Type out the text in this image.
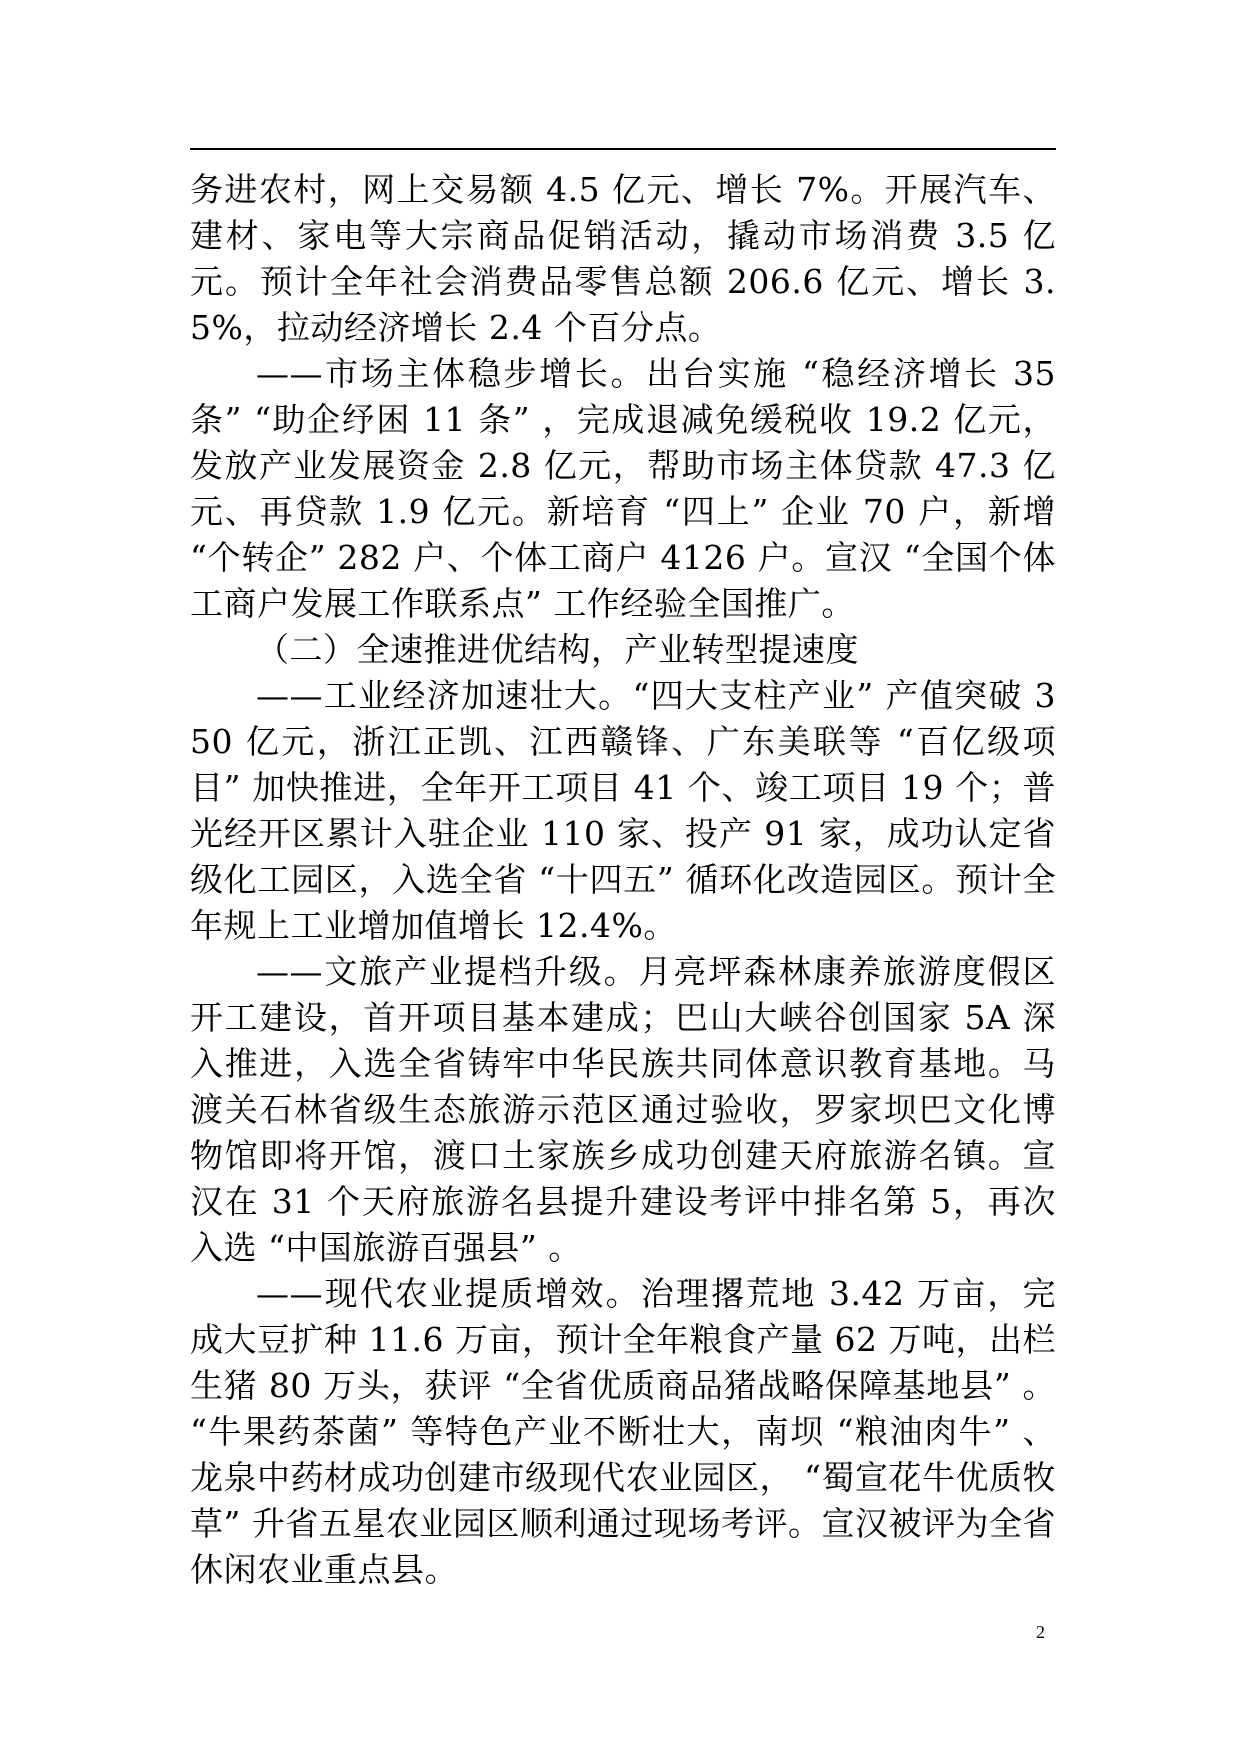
务进农村，网上交易额 4.5 亿元、增长 7%。开展汽车、建材、家电等大宗商品促销活动，撬动市场消费 3.5 亿元。预计全年社会消费品零售总额 206.6 亿元、增长 3.5%，拉动经济增长 2.4 个百分点。

——市场主体稳步增长。出台实施 “稳经济增长 35 条” “助企纾困 11 条” ，完成退减免缓税收 19.2 亿元，发放产业发展资金 2.8 亿元，帮助市场主体贷款 47.3 亿元、再贷款 1.9 亿元。新培育 “四上” 企业 70 户，新增 “个转企” 282 户、个体工商户 4126 户。宣汉 “全国个体工商户发展工作联系点” 工作经验全国推广。

（二）全速推进优结构，产业转型提速度

——工业经济加速壮大。“四大支柱产业” 产值突破 350 亿元，浙江正凯、江西赣锋、广东美联等 “百亿级项目” 加快推进，全年开工项目 41 个、竣工项目 19 个；普光经开区累计入驻企业 110 家、投产 91 家，成功认定省级化工园区，入选全省 “十四五” 循环化改造园区。预计全年规上工业增加值增长 12.4%。

——文旅产业提档升级。月亮坪森林康养旅游度假区开工建设，首开项目基本建成；巴山大峡谷创国家 5A 深入推进，入选全省铸牢中华民族共同体意识教育基地。马渡关石林省级生态旅游示范区通过验收，罗家坝巴文化博物馆即将开馆，渡口土家族乡成功创建天府旅游名镇。宣汉在 31 个天府旅游名县提升建设考评中排名第 5，再次入选 “中国旅游百强县” 。

——现代农业提质增效。治理撂荒地 3.42 万亩，完成大豆扩种 11.6 万亩，预计全年粮食产量 62 万吨，出栏生猪 80 万头，获评 “全省优质商品猪战略保障基地县” 。 “牛果药茶菌” 等特色产业不断壮大，南坝 “粮油肉牛” 、龙泉中药材成功创建市级现代农业园区， “蜀宣花牛优质牧草” 升省五星农业园区顺利通过现场考评。宣汉被评为全省休闲农业重点县。

2
